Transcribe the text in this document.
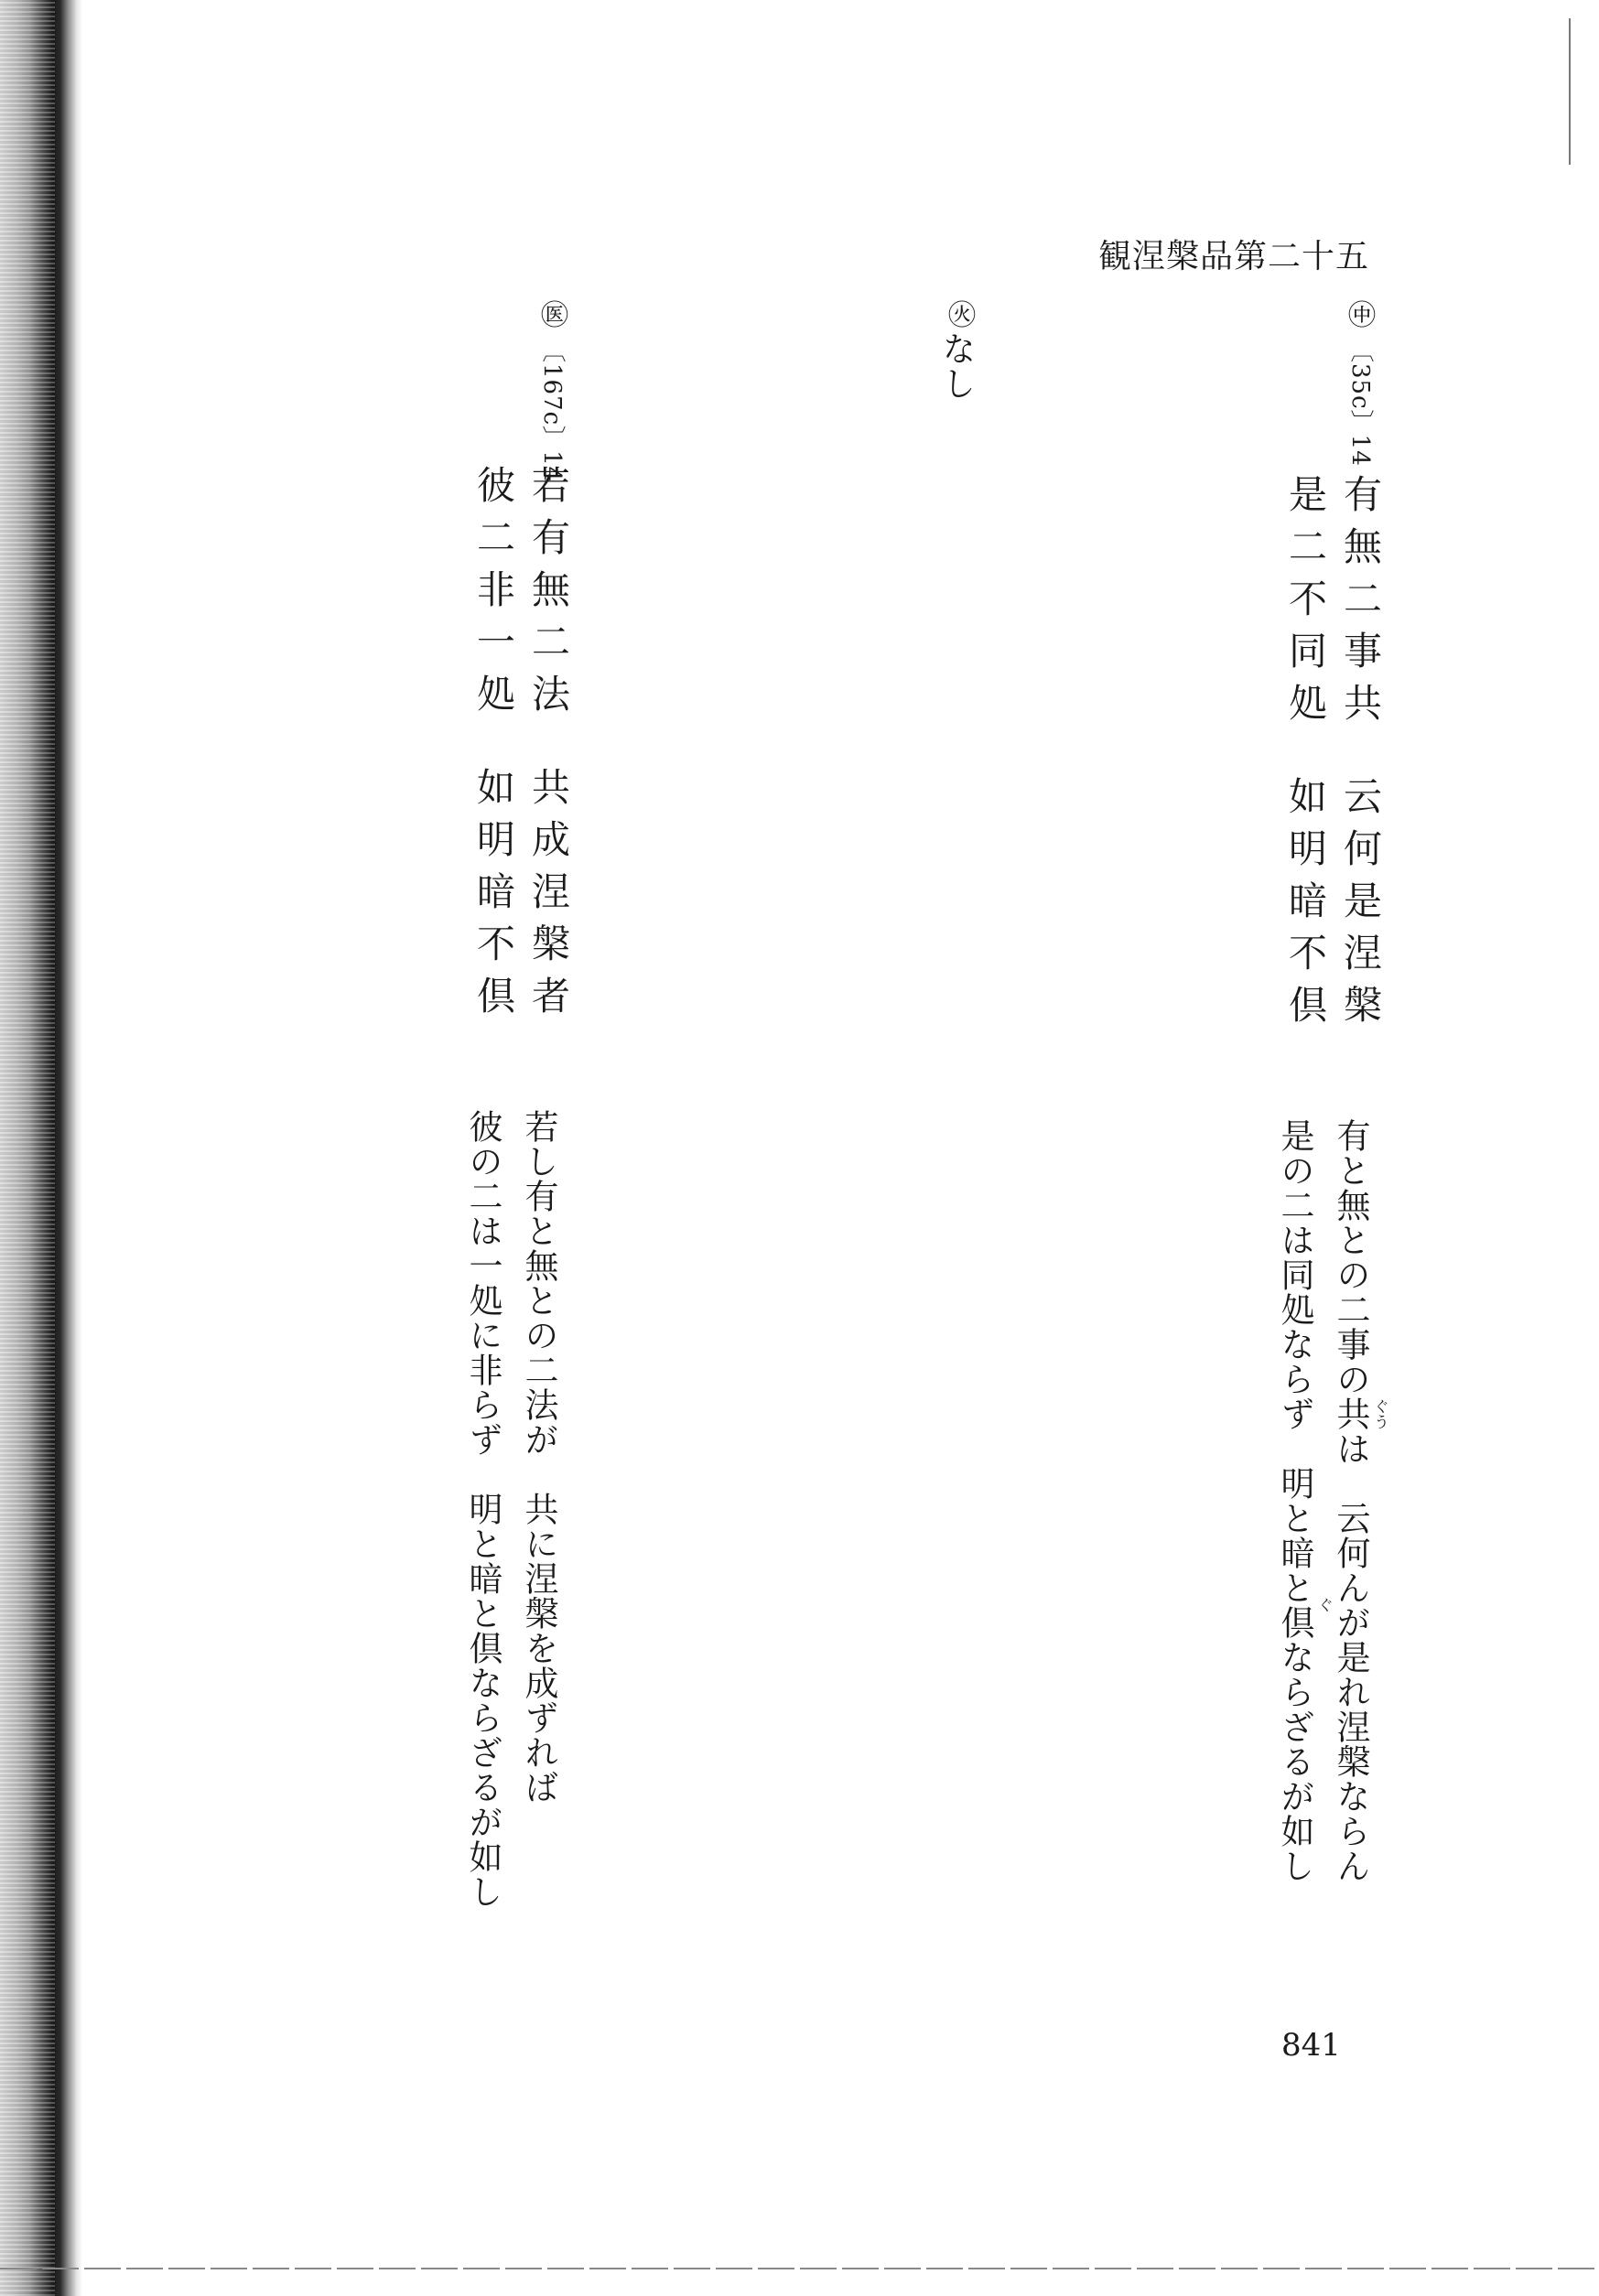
観涅槃品第二十五
㊥
〔35c〕14
有無二事共
云何是涅槃
是二不同処
如明暗不倶
有と無との二事の共は　云何んが是れ涅槃ならん
是の二は同処ならず　明と暗と倶ならざるが如し	ぐう
ぐ
㊋
なし
㊩
〔167c〕14
若有無二法
共成涅槃者
彼二非一処
如明暗不倶
若し有と無との二法が　共に涅槃を成ずれば
彼の二は一処に非らず　明と暗と倶ならざるが如し
841
